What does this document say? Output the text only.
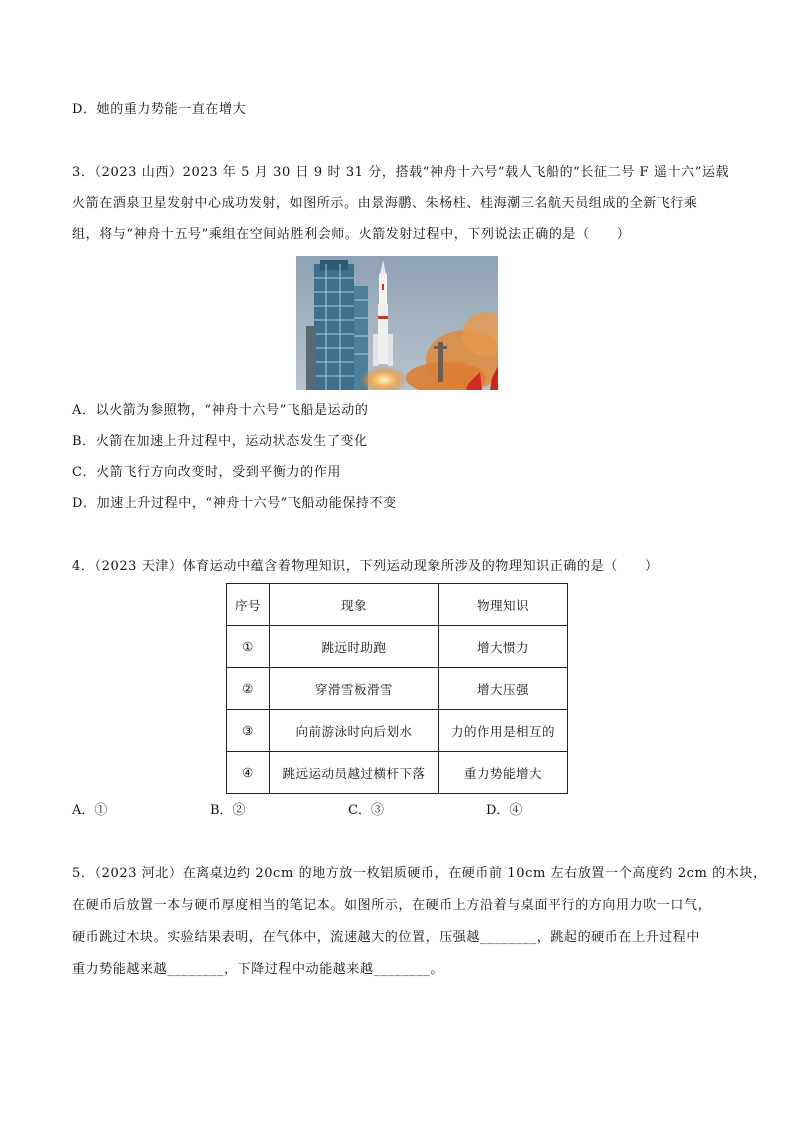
D．她的重力势能一直在增大
3．（2023 山西）2023 年 5 月 30 日 9 时 31 分，搭载“神舟十六号”载人飞船的“长征二号 F 遥十六”运载
火箭在酒泉卫星发射中心成功发射，如图所示。由景海鹏、朱杨柱、桂海潮三名航天员组成的全新飞行乘
组，将与“神舟十五号”乘组在空间站胜利会师。火箭发射过程中，下列说法正确的是（　　）
A．以火箭为参照物，“神舟十六号”飞船是运动的
B．火箭在加速上升过程中，运动状态发生了变化
C．火箭飞行方向改变时，受到平衡力的作用
D．加速上升过程中，“神舟十六号”飞船动能保持不变
4．（2023 天津）体育运动中蕴含着物理知识，下列运动现象所涉及的物理知识正确的是（　　）
序号	现象	物理知识
①	跳远时助跑	增大惯力
②	穿滑雪板滑雪	增大压强
③	向前游泳时向后划水	力的作用是相互的
④	跳远运动员越过横杆下落	重力势能增大
A．①	B．②	C．③	D．④
5．（2023 河北）在离桌边约 20cm 的地方放一枚铝质硬币，在硬币前 10cm 左右放置一个高度约 2cm 的木块，
在硬币后放置一本与硬币厚度相当的笔记本。如图所示，在硬币上方沿着与桌面平行的方向用力吹一口气，
硬币跳过木块。实验结果表明，在气体中，流速越大的位置，压强越________，跳起的硬币在上升过程中
重力势能越来越________，下降过程中动能越来越________。
